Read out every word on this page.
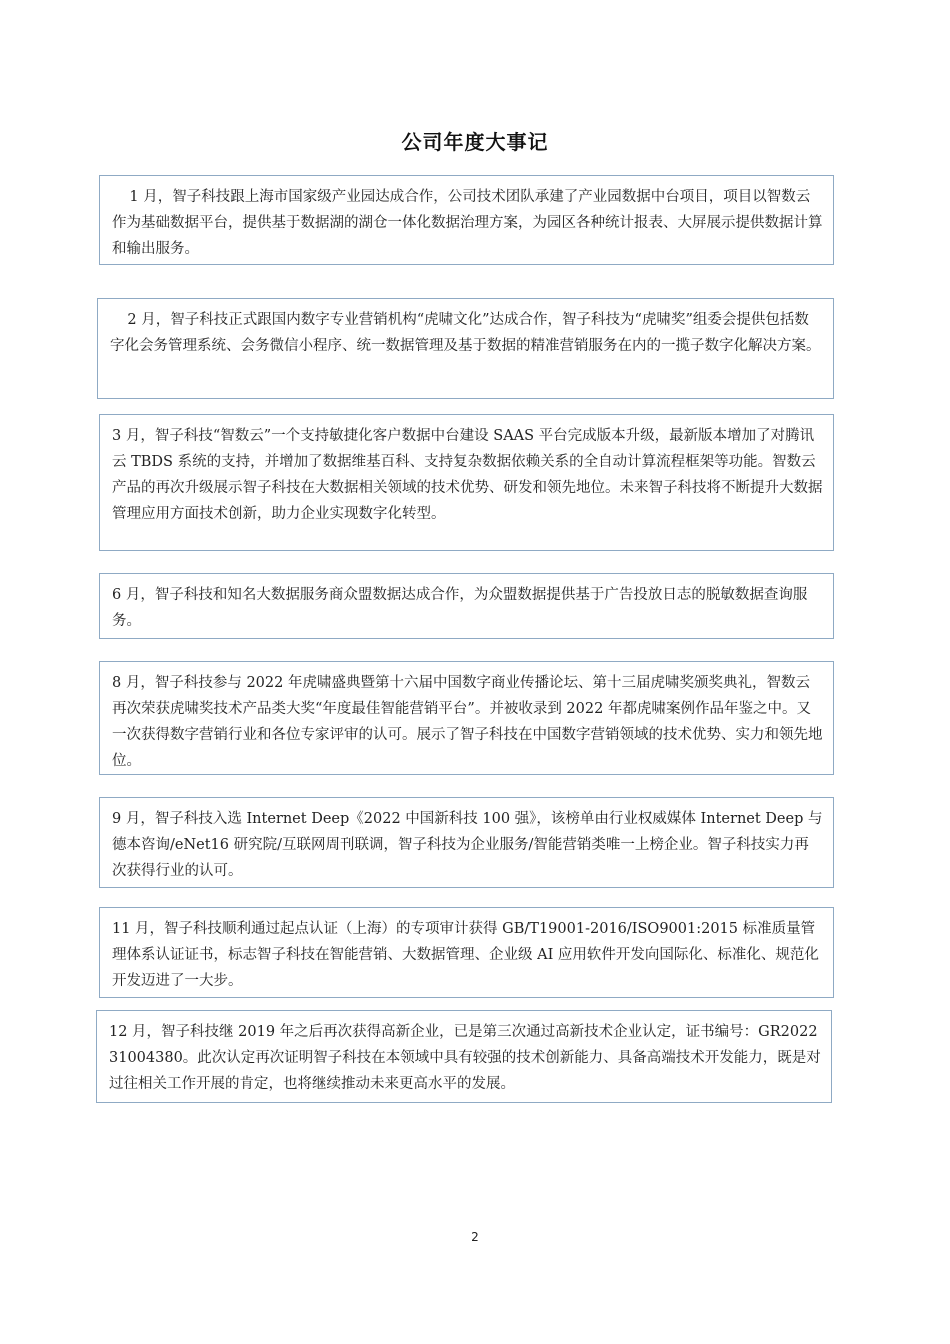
公司年度大事记
1 月，智子科技跟上海市国家级产业园达成合作，公司技术团队承建了产业园数据中台项目，项目以智数云作为基础数据平台，提供基于数据湖的湖仓一体化数据治理方案，为园区各种统计报表、大屏展示提供数据计算和输出服务。
2 月，智子科技正式跟国内数字专业营销机构“虎啸文化”达成合作，智子科技为“虎啸奖”组委会提供包括数字化会务管理系统、会务微信小程序、统一数据管理及基于数据的精准营销服务在内的一揽子数字化解决方案。
3 月，智子科技“智数云”一个支持敏捷化客户数据中台建设 SAAS 平台完成版本升级，最新版本增加了对腾讯云 TBDS 系统的支持，并增加了数据维基百科、支持复杂数据依赖关系的全自动计算流程框架等功能。智数云产品的再次升级展示智子科技在大数据相关领域的技术优势、研发和领先地位。未来智子科技将不断提升大数据管理应用方面技术创新，助力企业实现数字化转型。
6 月，智子科技和知名大数据服务商众盟数据达成合作，为众盟数据提供基于广告投放日志的脱敏数据查询服务。
8 月，智子科技参与 2022 年虎啸盛典暨第十六届中国数字商业传播论坛、第十三届虎啸奖颁奖典礼，智数云再次荣获虎啸奖技术产品类大奖“年度最佳智能营销平台”。并被收录到 2022 年都虎啸案例作品年鉴之中。又一次获得数字营销行业和各位专家评审的认可。展示了智子科技在中国数字营销领域的技术优势、实力和领先地位。
9 月，智子科技入选 Internet Deep《2022 中国新科技 100 强》，该榜单由行业权威媒体 Internet Deep 与德本咨询/eNet16 研究院/互联网周刊联调，智子科技为企业服务/智能营销类唯一上榜企业。智子科技实力再次获得行业的认可。
11 月，智子科技顺利通过起点认证（上海）的专项审计获得 GB/T19001-2016/ISO9001:2015 标准质量管理体系认证证书，标志智子科技在智能营销、大数据管理、企业级 AI 应用软件开发向国际化、标准化、规范化开发迈进了一大步。
12 月，智子科技继 2019 年之后再次获得高新企业，已是第三次通过高新技术企业认定，证书编号：GR202231004380。此次认定再次证明智子科技在本领域中具有较强的技术创新能力、具备高端技术开发能力，既是对过往相关工作开展的肯定，也将继续推动未来更高水平的发展。
2
